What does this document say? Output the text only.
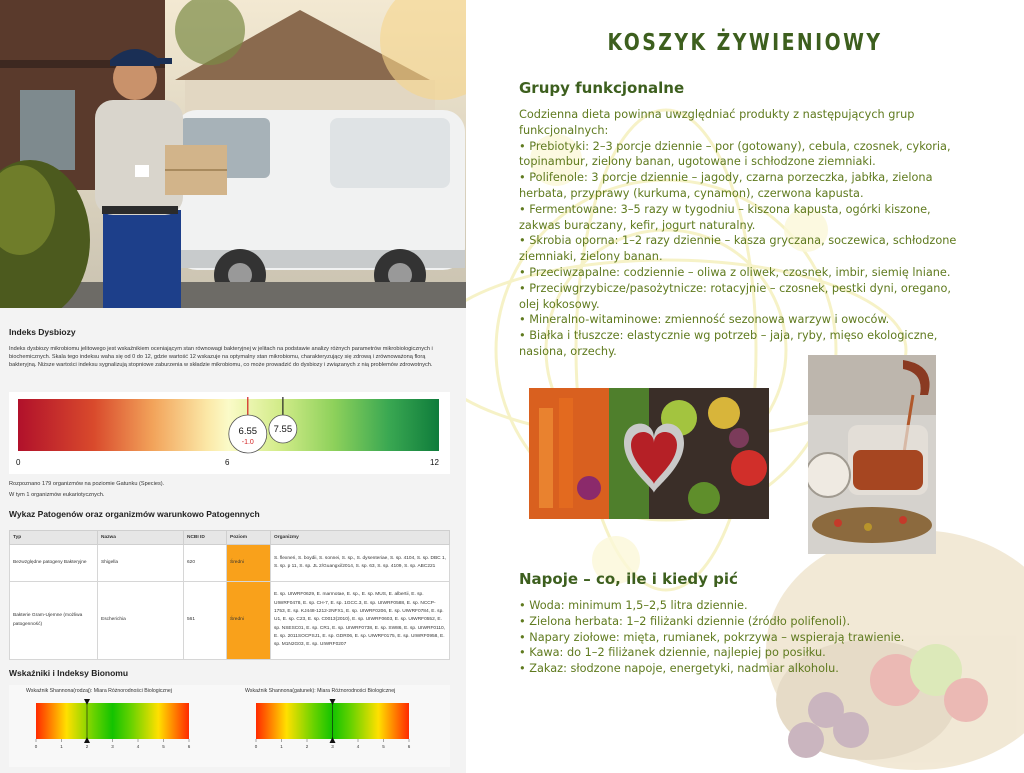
Indeks Dysbiozy
Indeks dysbiozy mikrobiomu jelitowego jest wskaźnikiem oceniającym stan równowagi bakteryjnej w jelitach na podstawie analizy różnych parametrów mikrobiologicznych i biochemicznych. Skala tego indeksu waha się od 0 do 12, gdzie wartość 12 wskazuje na optymalny stan mikrobiomu, charakteryzujący się zdrową i zrównoważoną florą bakteryjną. Niższe wartości indeksu sygnalizują stopniowe zaburzenia w składzie mikrobiomu, co może prowadzić do dysbiozy i związanych z nią problemów zdrowotnych.
6.55
-1.0
7.55
0	6	12
Rozpoznano 179 organizmów na poziomie Gatunku (Species).
W tym 1 organizmów eukariotycznych.
Wykaz Patogenów oraz organizmów warunkowo Patogennych
Typ	Nazwa	NCBI ID	Poziom	Organizmy
Bezwzględne patogeny Bakteryjne	Shigella	620	Średni	S. flexneri, S. boydii, S. sonnei, S. sp., S. dysenteriae, S. sp. 4104, S. sp. DBC 1, S. sp. p 11, S. sp. JL 2/Guangxi/2014, S. sp. 63, S. sp. 4109, S. sp. ABC221
Bakterie Gram-Ujemne (możliwa patogenność)	Escherichia	561	Średni	E. sp. UIWRF0629, E. marmotae, E. sp., E. sp. MUS, E. albertii, E. sp. UIWRF0478, E. sp. CH-7, E. sp. 1GCC.3, E. sp. UIWRF0588, E. sp. NCCP-1753, E. sp. KJ448-1212-2NFX1, E. sp. UIWRF0206, E. sp. UIWRF0784, E. sp. U1, E. sp. C23, E. sp. C0013(2010), E. sp. UIWRF0603, E. sp. UIWRF0552, E. sp. NSESC01, E. sp. CR1, E. sp. UIWRF0738, E. sp. SW86, E. sp. UIWRF0110, E. sp. 2011SOCPSJ1, E. sp. GDR06, E. sp. UIWRF0175, E. sp. UIWRF0958, E. sp. M1N2G03, E. sp. UIWRF0207
Wskaźniki i Indeksy Bionomu
Wskaźnik Shannona(rodzaj): Miara Różnorodności Biologicznej	Wskaźnik Shannona(gatunek): Miara Różnorodności Biologicznej
0	1	2	3	4	5	6	0	1	2	3	4	5	6
KOSZYK ŻYWIENIOWY
Grupy funkcjonalne
Codzienna dieta powinna uwzględniać produkty z następujących grup
funkcjonalnych:
• Prebiotyki: 2–3 porcje dziennie – por (gotowany), cebula, czosnek, cykoria,
topinambur, zielony banan, ugotowane i schłodzone ziemniaki.
• Polifenole: 3 porcje dziennie – jagody, czarna porzeczka, jabłka, zielona
herbata, przyprawy (kurkuma, cynamon), czerwona kapusta.
• Fermentowane: 3–5 razy w tygodniu – kiszona kapusta, ogórki kiszone,
zakwas buraczany, kefir, jogurt naturalny.
• Skrobia oporna: 1–2 razy dziennie – kasza gryczana, soczewica, schłodzone
ziemniaki, zielony banan.
• Przeciwzapalne: codziennie – oliwa z oliwek, czosnek, imbir, siemię lniane.
• Przeciwgrzybicze/pasożytnicze: rotacyjnie – czosnek, pestki dyni, oregano,
olej kokosowy.
• Mineralno-witaminowe: zmienność sezonowa warzyw i owoców.
• Białka i tłuszcze: elastycznie wg potrzeb – jaja, ryby, mięso ekologiczne,
nasiona, orzechy.
Napoje – co, ile i kiedy pić
• Woda: minimum 1,5–2,5 litra dziennie.
• Zielona herbata: 1–2 filiżanki dziennie (źródło polifenoli).
• Napary ziołowe: mięta, rumianek, pokrzywa – wspierają trawienie.
• Kawa: do 1–2 filiżanek dziennie, najlepiej po posiłku.
• Zakaz: słodzone napoje, energetyki, nadmiar alkoholu.
